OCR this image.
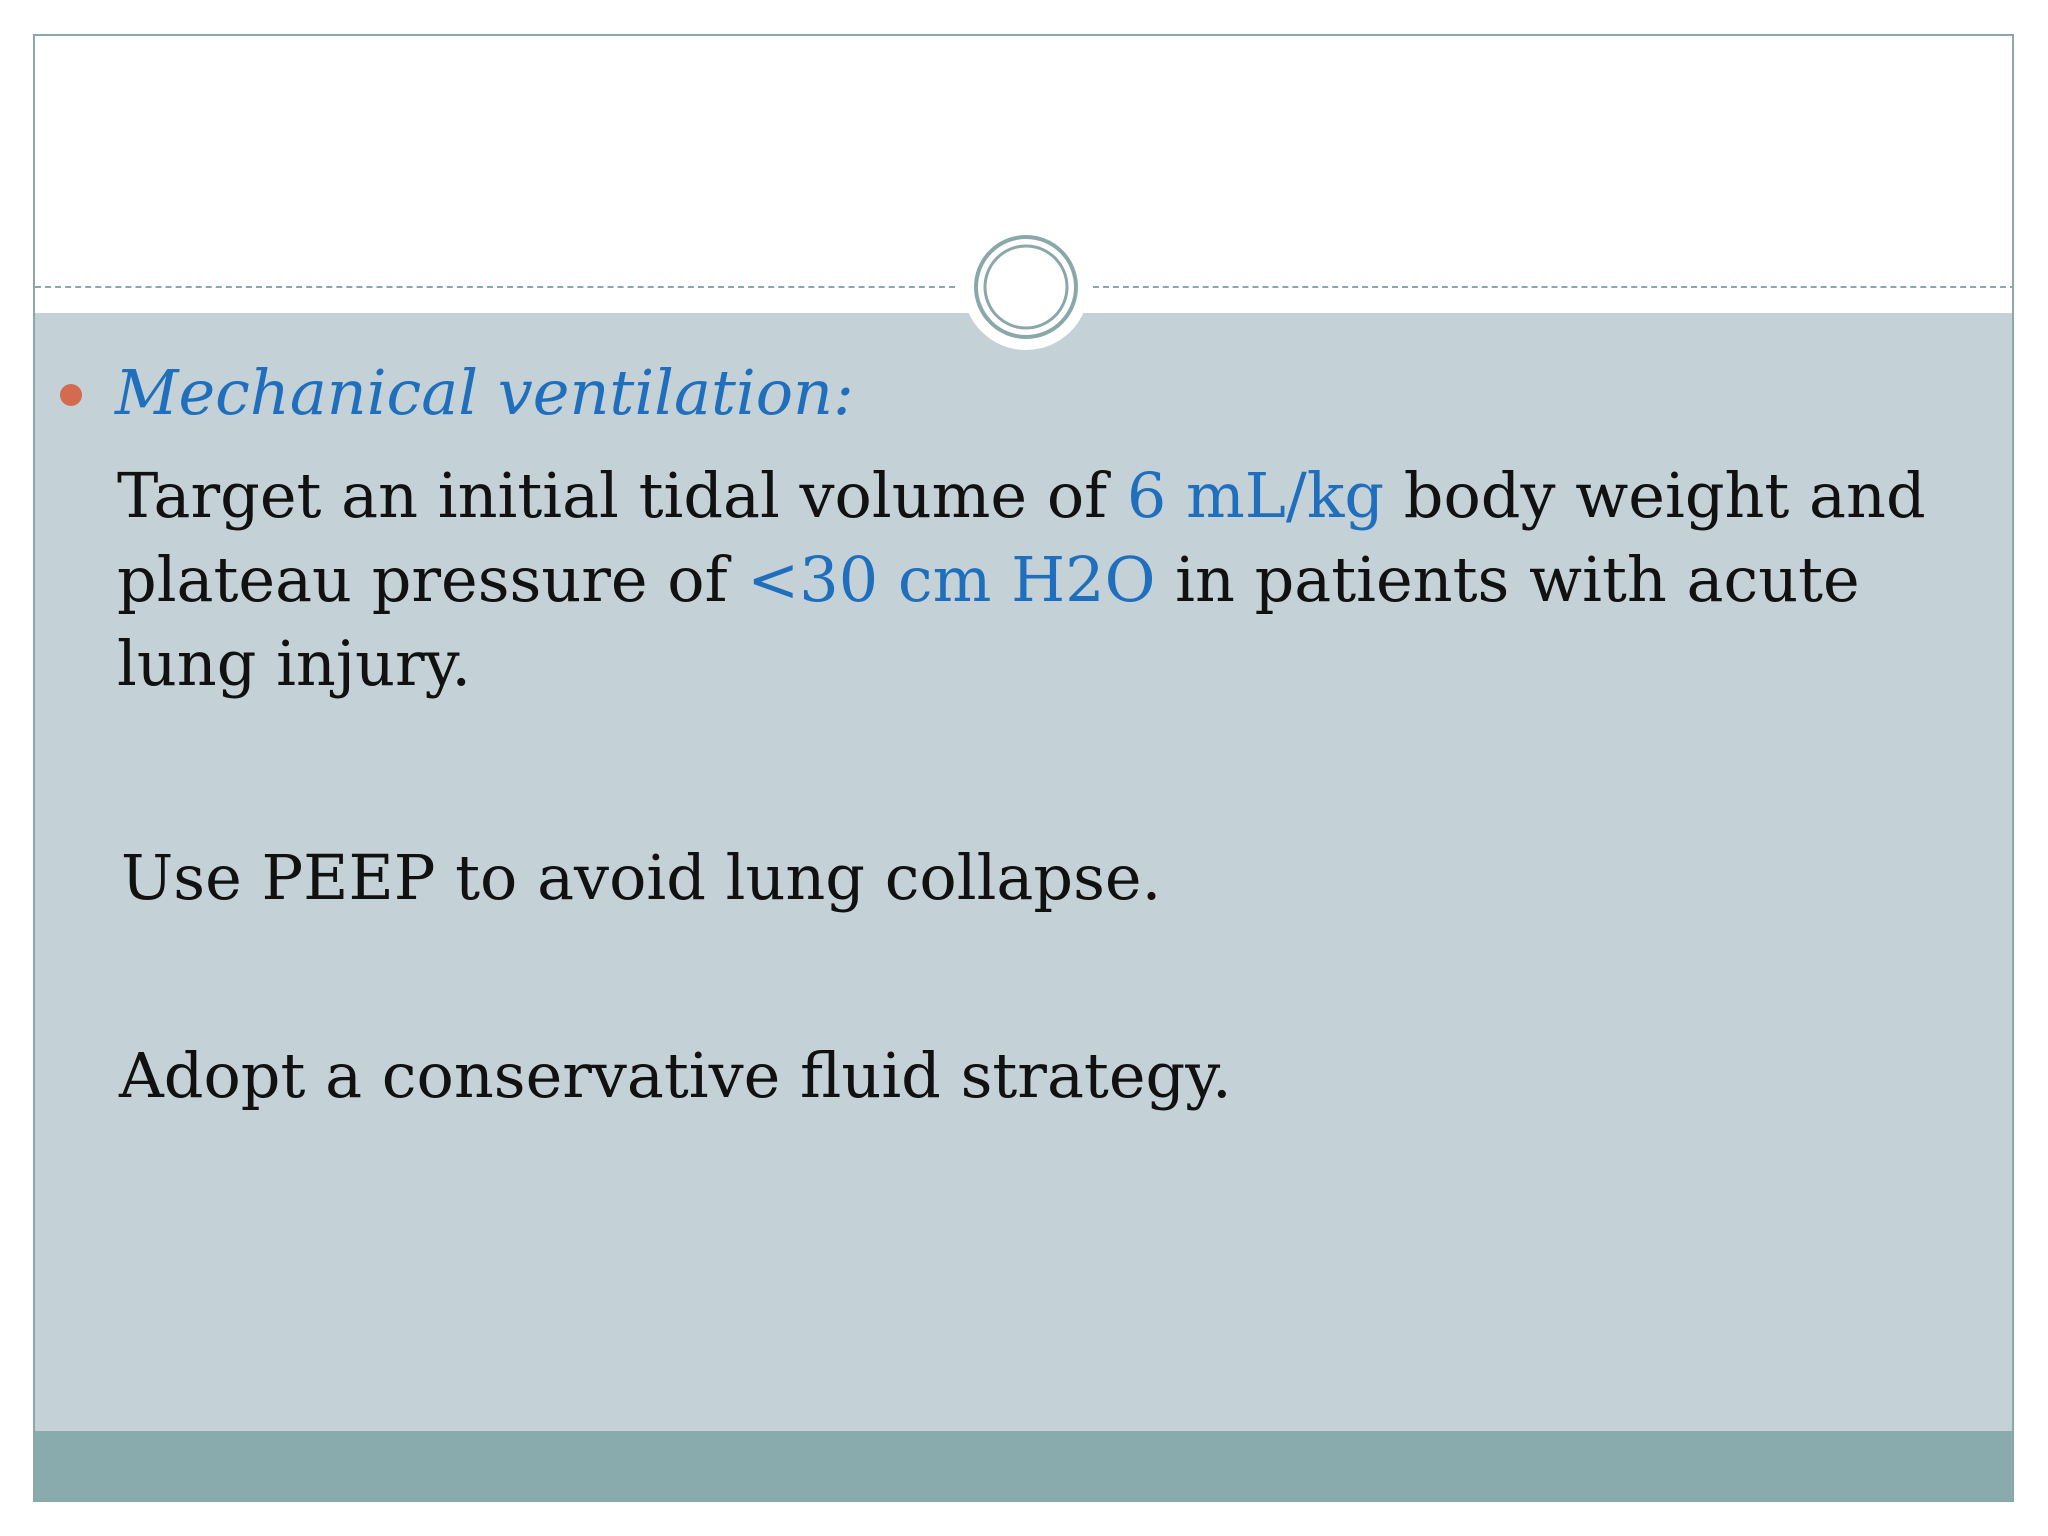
Mechanical ventilation:
Target an initial tidal volume of 6 mL/kg body weight and plateau pressure of <30 cm H2O in patients with acute lung injury.
Use PEEP to avoid lung collapse.
Adopt a conservative fluid strategy.
